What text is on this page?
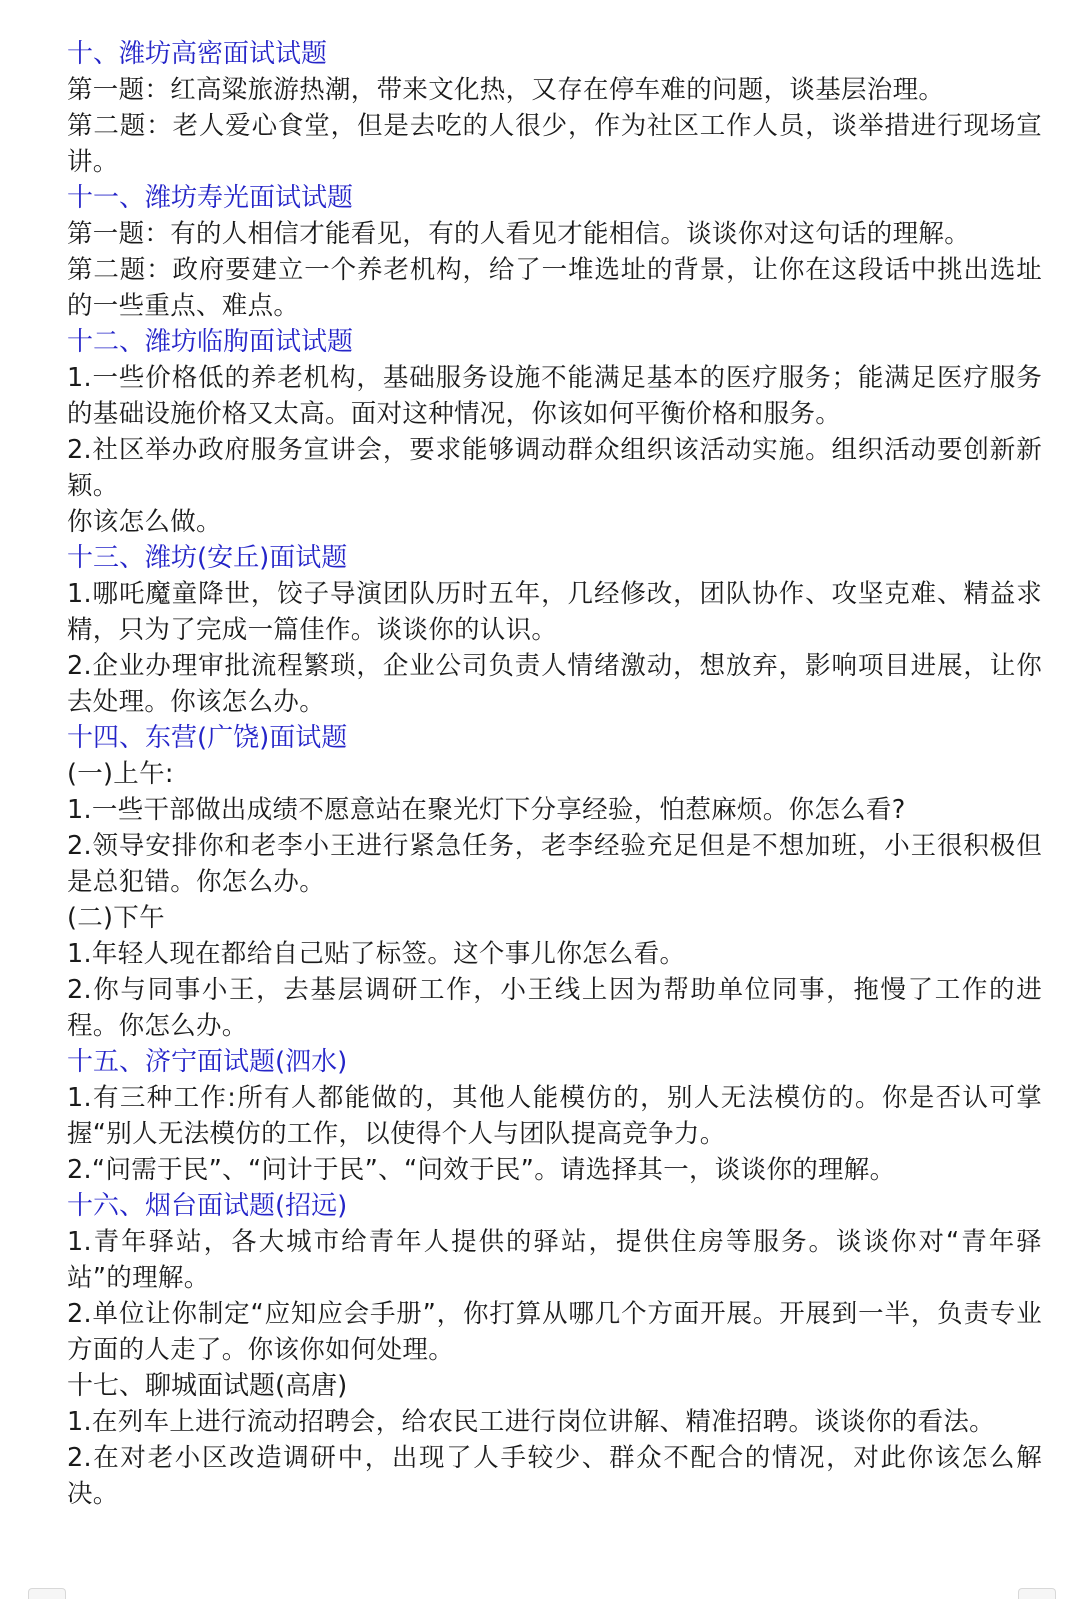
十、潍坊高密面试试题

第一题：红高粱旅游热潮，带来文化热，又存在停车难的问题，谈基层治理。

第二题：老人爱心食堂，但是去吃的人很少，作为社区工作人员，谈举措进行现场宣讲。

十一、潍坊寿光面试试题

第一题：有的人相信才能看见，有的人看见才能相信。谈谈你对这句话的理解。

第二题：政府要建立一个养老机构，给了一堆选址的背景，让你在这段话中挑出选址的一些重点、难点。

十二、潍坊临朐面试试题

1.一些价格低的养老机构，基础服务设施不能满足基本的医疗服务；能满足医疗服务的基础设施价格又太高。面对这种情况，你该如何平衡价格和服务。

2.社区举办政府服务宣讲会，要求能够调动群众组织该活动实施。组织活动要创新新颖。

你该怎么做。

十三、潍坊(安丘)面试题

1.哪吒魔童降世，饺子导演团队历时五年，几经修改，团队协作、攻坚克难、精益求精，只为了完成一篇佳作。谈谈你的认识。

2.企业办理审批流程繁琐，企业公司负责人情绪激动，想放弃，影响项目进展，让你去处理。你该怎么办。

十四、东营(广饶)面试题

(一)上午:

1.一些干部做出成绩不愿意站在聚光灯下分享经验，怕惹麻烦。你怎么看?

2.领导安排你和老李小王进行紧急任务，老李经验充足但是不想加班，小王很积极但是总犯错。你怎么办。

(二)下午

1.年轻人现在都给自己贴了标签。这个事儿你怎么看。

2.你与同事小王，去基层调研工作，小王线上因为帮助单位同事，拖慢了工作的进程。你怎么办。

十五、济宁面试题(泗水)

1.有三种工作:所有人都能做的，其他人能模仿的，别人无法模仿的。你是否认可掌握“别人无法模仿的工作，以使得个人与团队提高竞争力。

2.“问需于民”、“问计于民”、“问效于民”。请选择其一，谈谈你的理解。

十六、烟台面试题(招远)

1.青年驿站，各大城市给青年人提供的驿站，提供住房等服务。谈谈你对“青年驿站”的理解。

2.单位让你制定“应知应会手册”，你打算从哪几个方面开展。开展到一半，负责专业方面的人走了。你该你如何处理。

十七、聊城面试题(高唐)

1.在列车上进行流动招聘会，给农民工进行岗位讲解、精准招聘。谈谈你的看法。

2.在对老小区改造调研中，出现了人手较少、群众不配合的情况，对此你该怎么解决。
